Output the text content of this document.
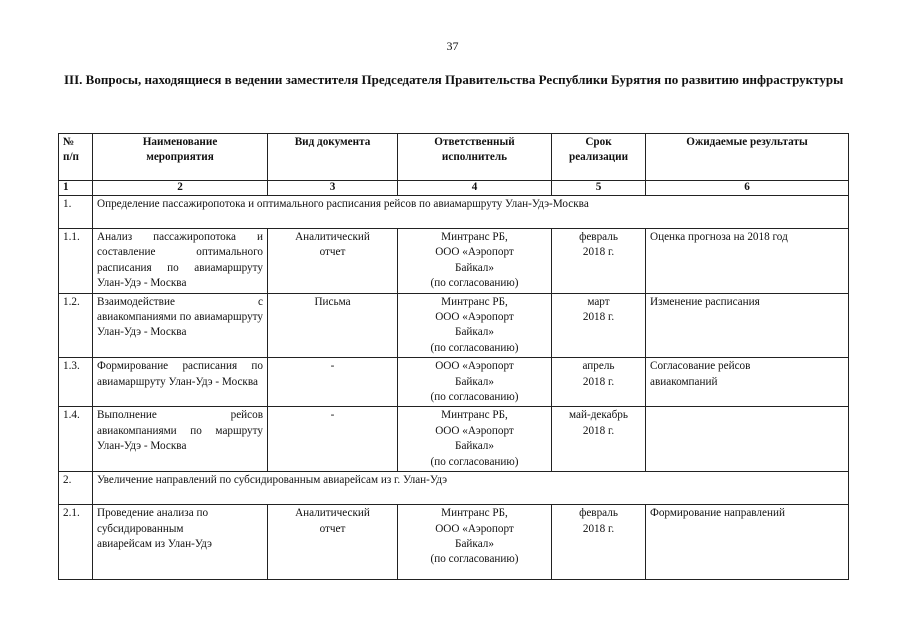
37
III. Вопросы, находящиеся в ведении заместителя Председателя Правительства Республики Бурятия по развитию инфраструктуры
№
п/п	Наименование
мероприятия	Вид документа	Ответственный
исполнитель	Срок
реализации	Ожидаемые результаты
1	2	3	4	5	6
1.	Определение пассажиропотока и оптимального расписания рейсов по авиамаршруту Улан-Удэ-Москва				
1.1.	Анализ пассажиропотока и составление оптимального расписания по авиамаршруту Улан-Удэ - Москва	Аналитический
отчет	Минтранс РБ,
ООО «Аэропорт
Байкал»
(по согласованию)	февраль
2018 г.	Оценка прогноза на 2018 год
1.2.	Взаимодействие с авиакомпаниями по авиамаршруту Улан-Удэ - Москва	Письма	Минтранс РБ,
ООО «Аэропорт
Байкал»
(по согласованию)	март
2018 г.	Изменение расписания
1.3.	Формирование расписания по авиамаршруту Улан-Удэ - Москва	-	ООО «Аэропорт
Байкал»
(по согласованию)	апрель
2018 г.	Согласование рейсов
авиакомпаний
1.4.	Выполнение рейсов авиакомпаниями по маршруту Улан-Удэ - Москва	-	Минтранс РБ,
ООО «Аэропорт
Байкал»
(по согласованию)	май-декабрь
2018 г.	
2.	Увеличение направлений по субсидированным авиарейсам из г. Улан-Удэ				
2.1.	Проведение анализа по
субсидированным
авиарейсам из Улан-Удэ	Аналитический
отчет	Минтранс РБ,
ООО «Аэропорт
Байкал»
(по согласованию)	февраль
2018 г.	Формирование направлений
